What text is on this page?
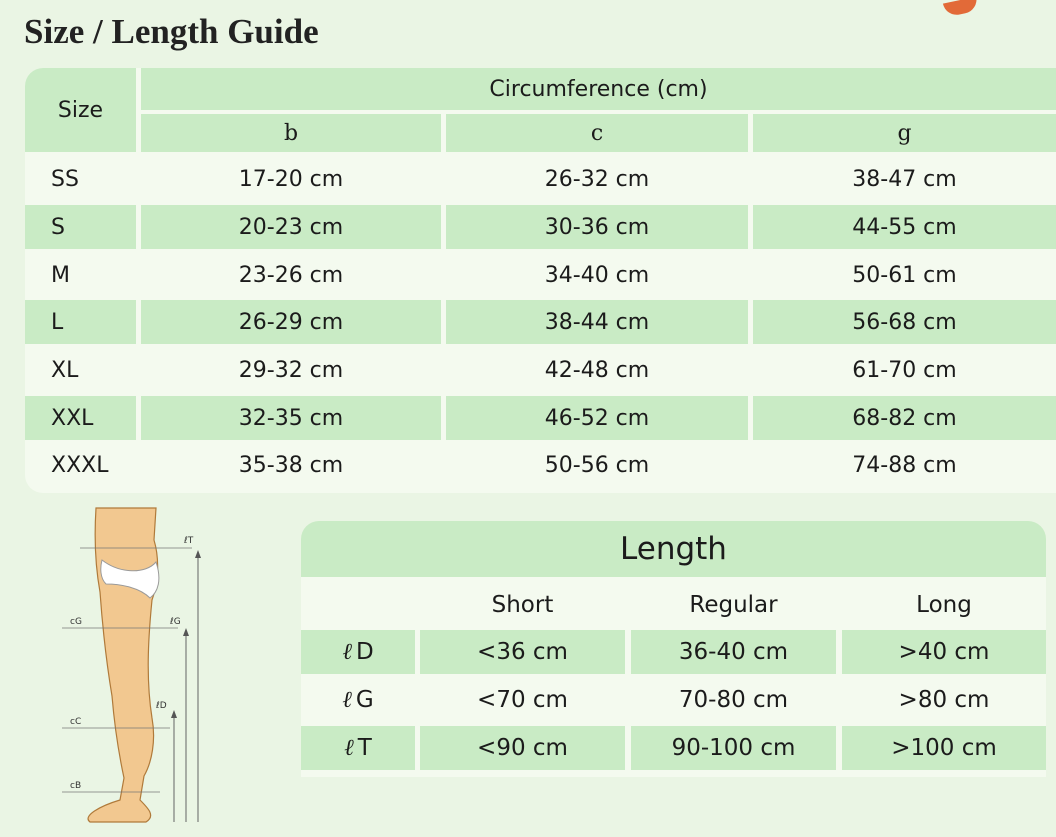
Size / Length Guide
Size
Circumference (cm)
b	c	g
SS	17-20 cm	26-32 cm	38-47 cm
S	20-23 cm	30-36 cm	44-55 cm
M	23-26 cm	34-40 cm	50-61 cm
L	26-29 cm	38-44 cm	56-68 cm
XL	29-32 cm	42-48 cm	61-70 cm
XXL	32-35 cm	46-52 cm	68-82 cm
XXXL	35-38 cm	50-56 cm	74-88 cm
ℓT
ℓG
ℓD
cG
cC
cB
Length
Short	Regular	Long
ℓ D	<36 cm	36-40 cm	>40 cm
ℓ G	<70 cm	70-80 cm	>80 cm
ℓ T	<90 cm	90-100 cm	>100 cm
